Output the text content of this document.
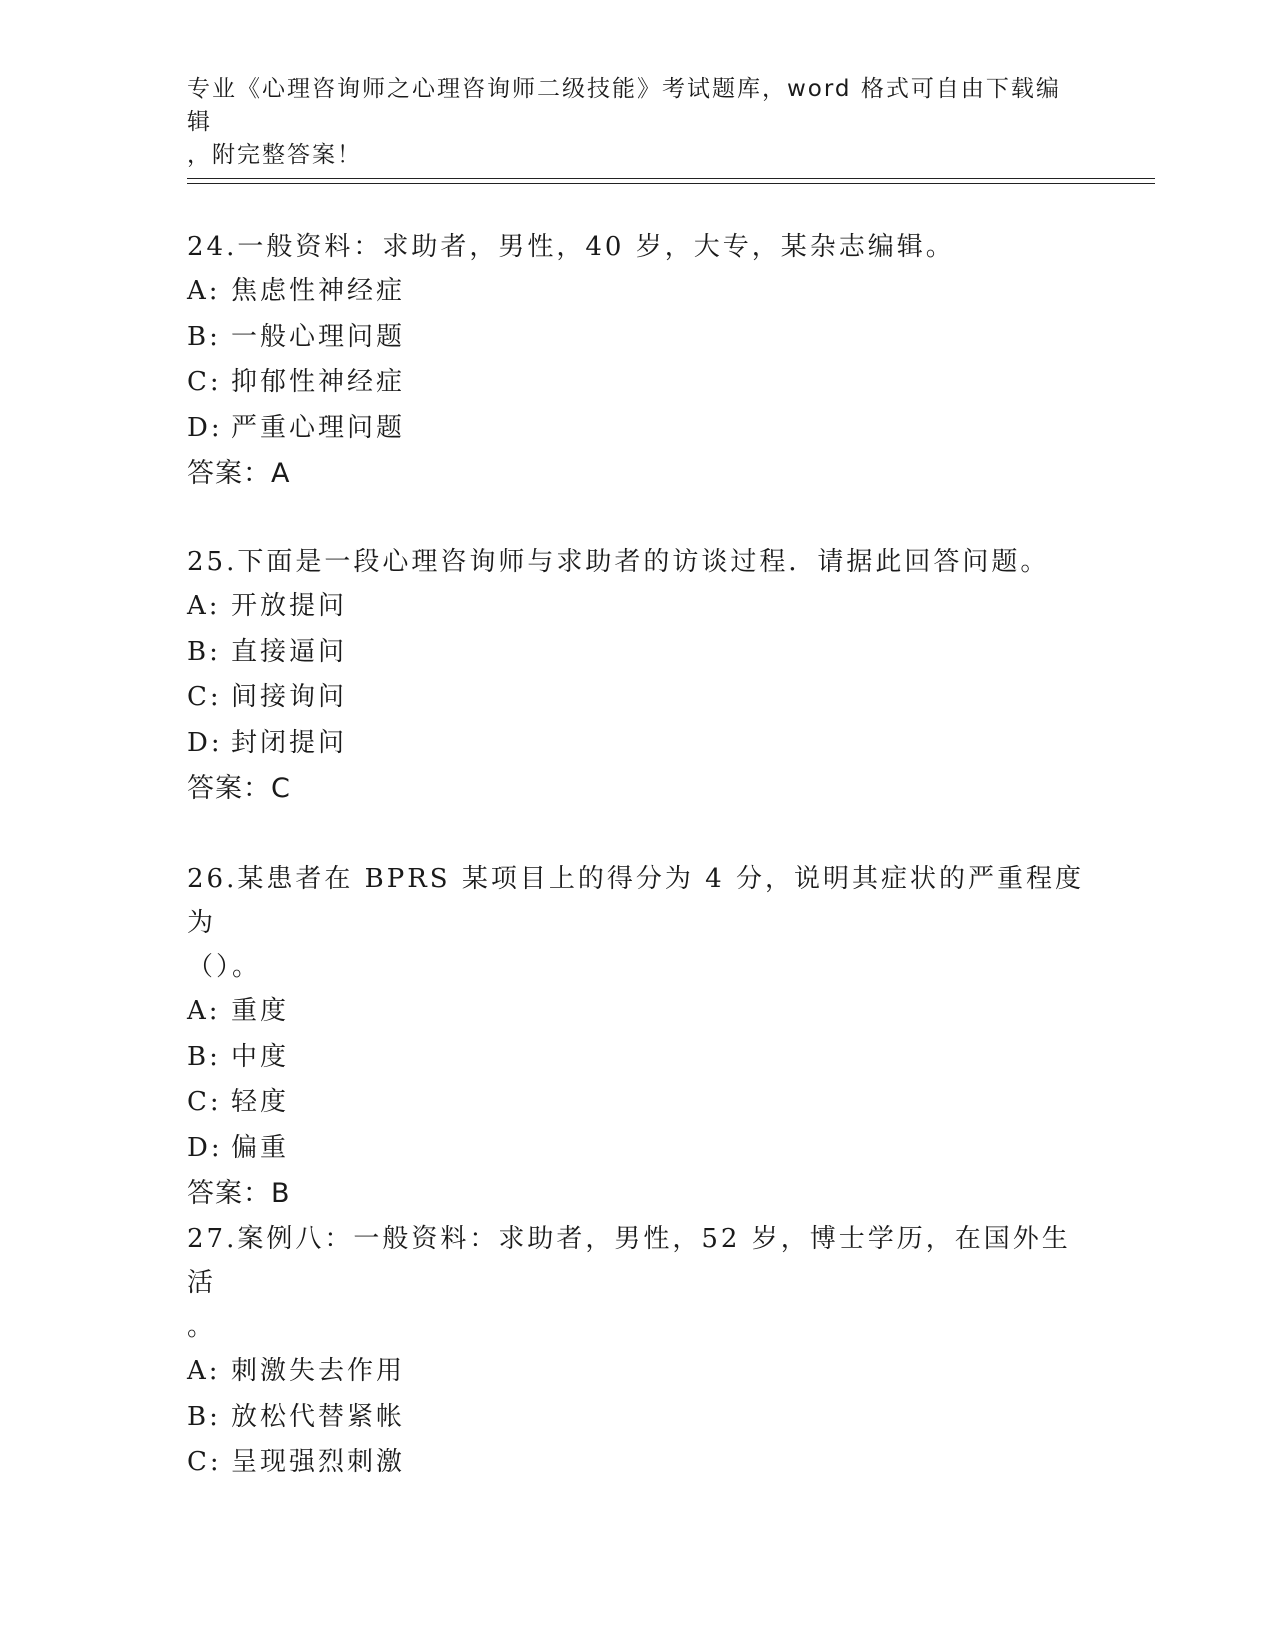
专业《心理咨询师之心理咨询师二级技能》考试题库，word 格式可自由下载编辑
，附完整答案！

24.一般资料：求助者，男性，40 岁，大专，某杂志编辑。

A: 焦虑性神经症

B: 一般心理问题

C: 抑郁性神经症

D: 严重心理问题

答案：A

25.下面是一段心理咨询师与求助者的访谈过程．请据此回答问题。

A: 开放提问

B: 直接逼问

C: 间接询问

D: 封闭提问

答案：C

26.某患者在 BPRS 某项目上的得分为 4 分，说明其症状的严重程度为

（）。

A: 重度

B: 中度

C: 轻度

D: 偏重

答案：B

27.案例八：一般资料：求助者，男性，52 岁，博士学历，在国外生活

。

A: 刺激失去作用

B: 放松代替紧帐

C: 呈现强烈刺激
